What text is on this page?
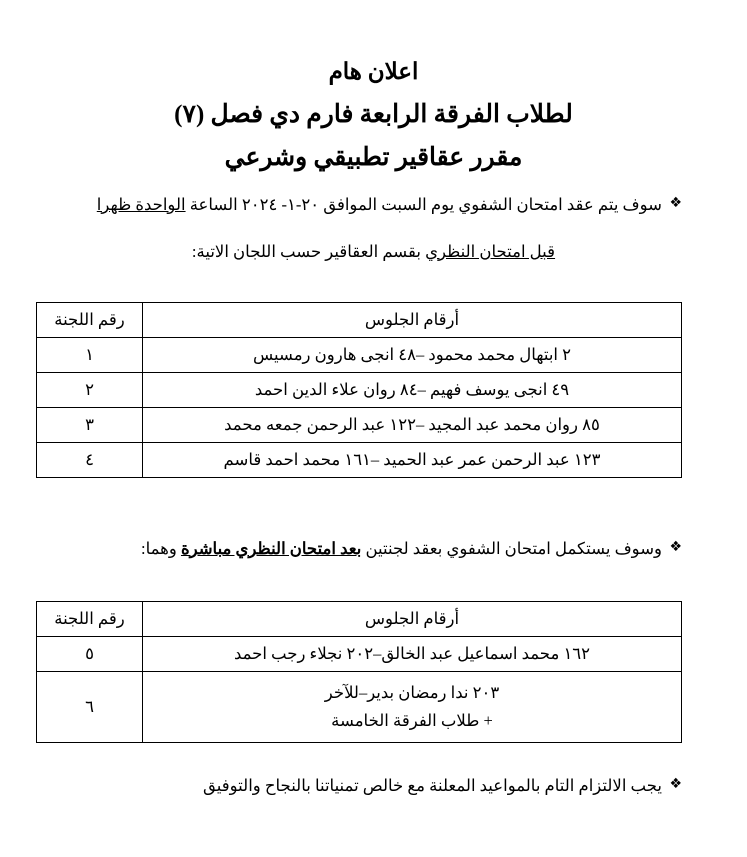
اعلان هام
لطلاب الفرقة الرابعة فارم دي فصل (٧)
مقرر عقاقير تطبيقي وشرعي
❖
سوف يتم عقد امتحان الشفوي يوم السبت الموافق ٢٠-١- ٢٠٢٤ الساعة الواحدة ظهرا
قبل امتحان النظري بقسم العقاقير حسب اللجان الاتية:
أرقام الجلوس	رقم اللجنة
٢ ابتهال محمد محمود –٤٨ انجى هارون رمسيس	١
٤٩ انجى يوسف فهيم –٨٤ روان علاء الدين احمد	٢
٨٥ روان محمد عبد المجيد –١٢٢ عبد الرحمن جمعه محمد	٣
١٢٣ عبد الرحمن عمر عبد الحميد –١٦١ محمد احمد قاسم	٤
❖
وسوف يستكمل امتحان الشفوي بعقد لجنتين بعد امتحان النظري مباشرة وهما:
أرقام الجلوس	رقم اللجنة
١٦٢ محمد اسماعيل عبد الخالق–٢٠٢ نجلاء رجب احمد	٥

٢٠٣ ندا رمضان بدير–للآخر
+ طلاب الفرقة الخامسة	٦
❖
يجب الالتزام التام بالمواعيد المعلنة مع خالص تمنياتنا بالنجاح والتوفيق
